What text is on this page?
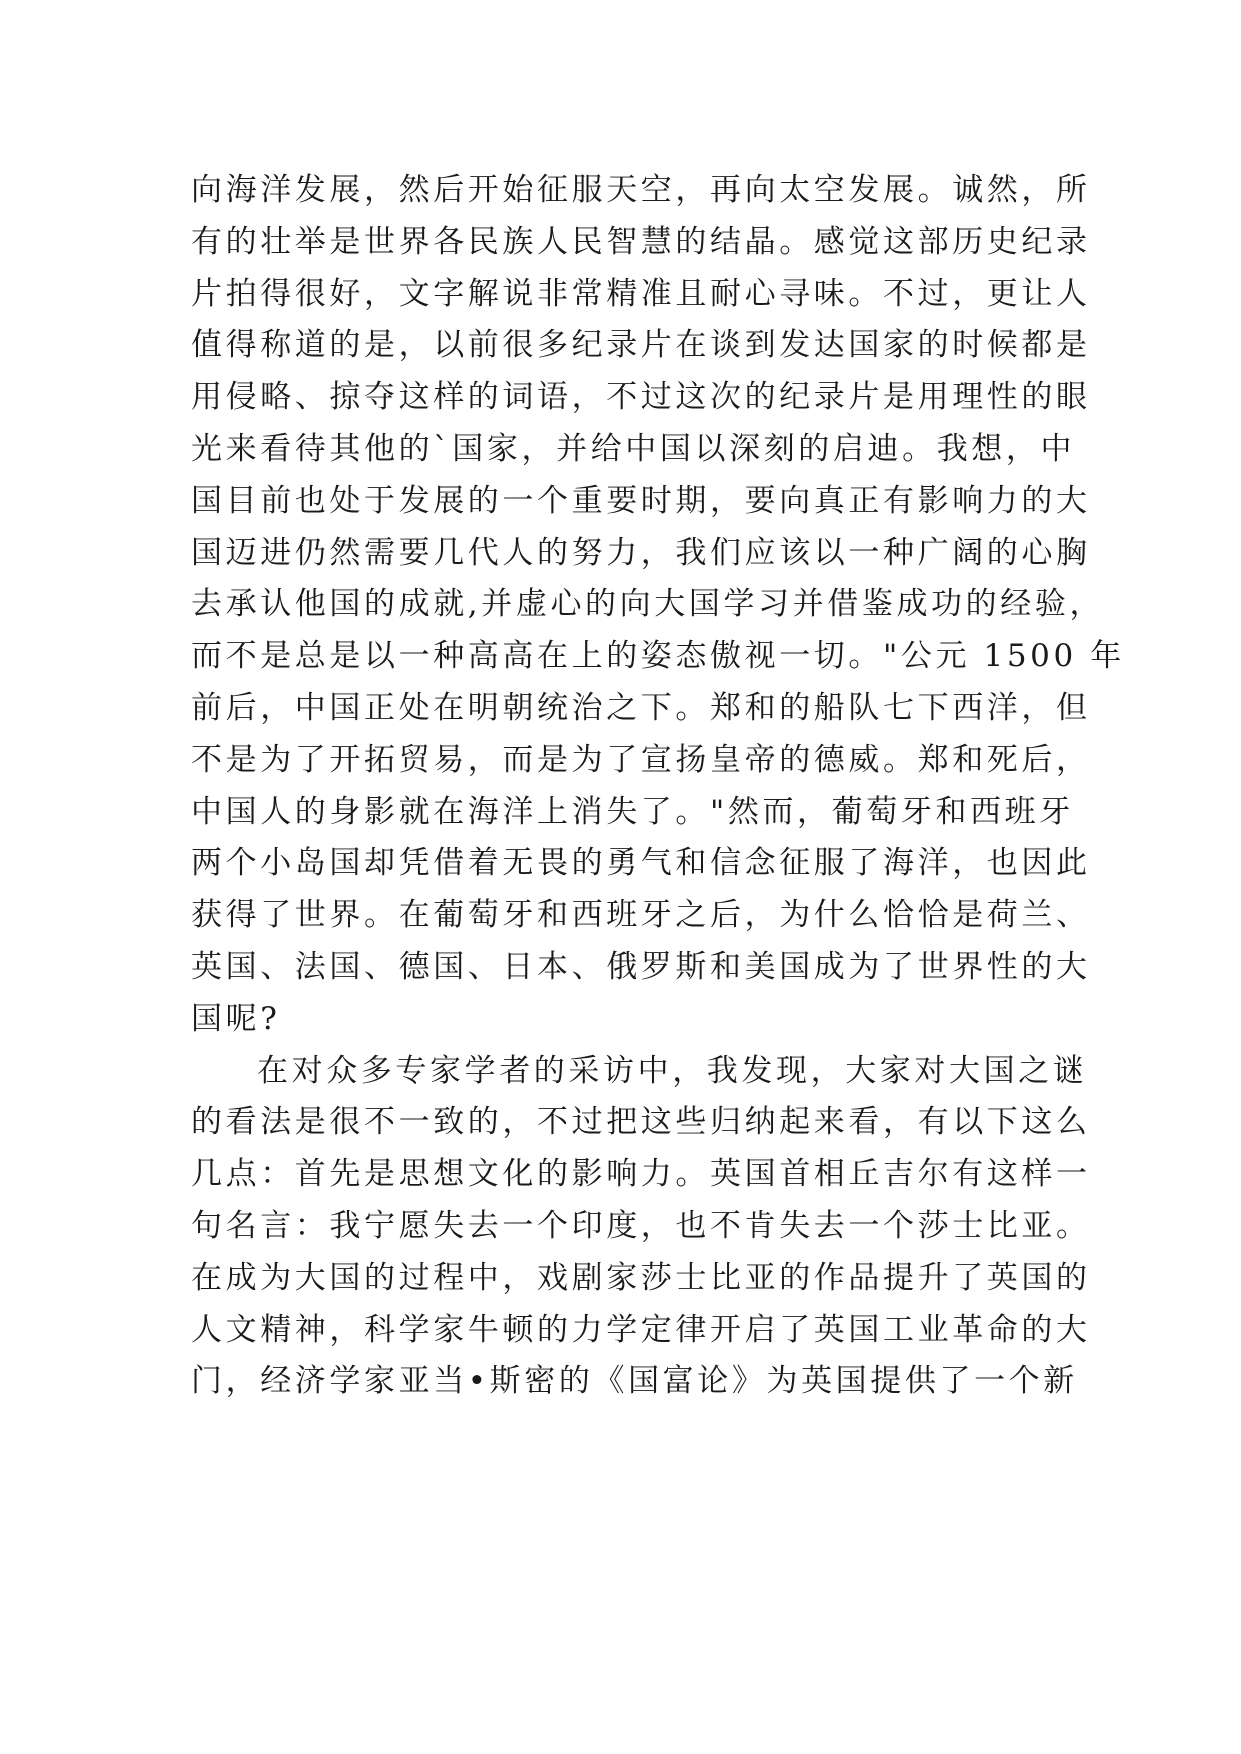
向海洋发展，然后开始征服天空，再向太空发展。诚然，所
有的壮举是世界各民族人民智慧的结晶。感觉这部历史纪录
片拍得很好，文字解说非常精准且耐心寻味。不过，更让人
值得称道的是，以前很多纪录片在谈到发达国家的时候都是
用侵略、掠夺这样的词语，不过这次的纪录片是用理性的眼
光来看待其他的`国家，并给中国以深刻的启迪。我想，中
国目前也处于发展的一个重要时期，要向真正有影响力的大
国迈进仍然需要几代人的努力，我们应该以一种广阔的心胸
去承认他国的成就,并虚心的向大国学习并借鉴成功的经验，
而不是总是以一种高高在上的姿态傲视一切。"公元 1500 年
前后，中国正处在明朝统治之下。郑和的船队七下西洋，但
不是为了开拓贸易，而是为了宣扬皇帝的德威。郑和死后，
中国人的身影就在海洋上消失了。"然而，葡萄牙和西班牙
两个小岛国却凭借着无畏的勇气和信念征服了海洋，也因此
获得了世界。在葡萄牙和西班牙之后，为什么恰恰是荷兰、
英国、法国、德国、日本、俄罗斯和美国成为了世界性的大
国呢?
在对众多专家学者的采访中，我发现，大家对大国之谜
的看法是很不一致的，不过把这些归纳起来看，有以下这么
几点：首先是思想文化的影响力。英国首相丘吉尔有这样一
句名言：我宁愿失去一个印度，也不肯失去一个莎士比亚。
在成为大国的过程中，戏剧家莎士比亚的作品提升了英国的
人文精神，科学家牛顿的力学定律开启了英国工业革命的大
门，经济学家亚当•斯密的《国富论》为英国提供了一个新
